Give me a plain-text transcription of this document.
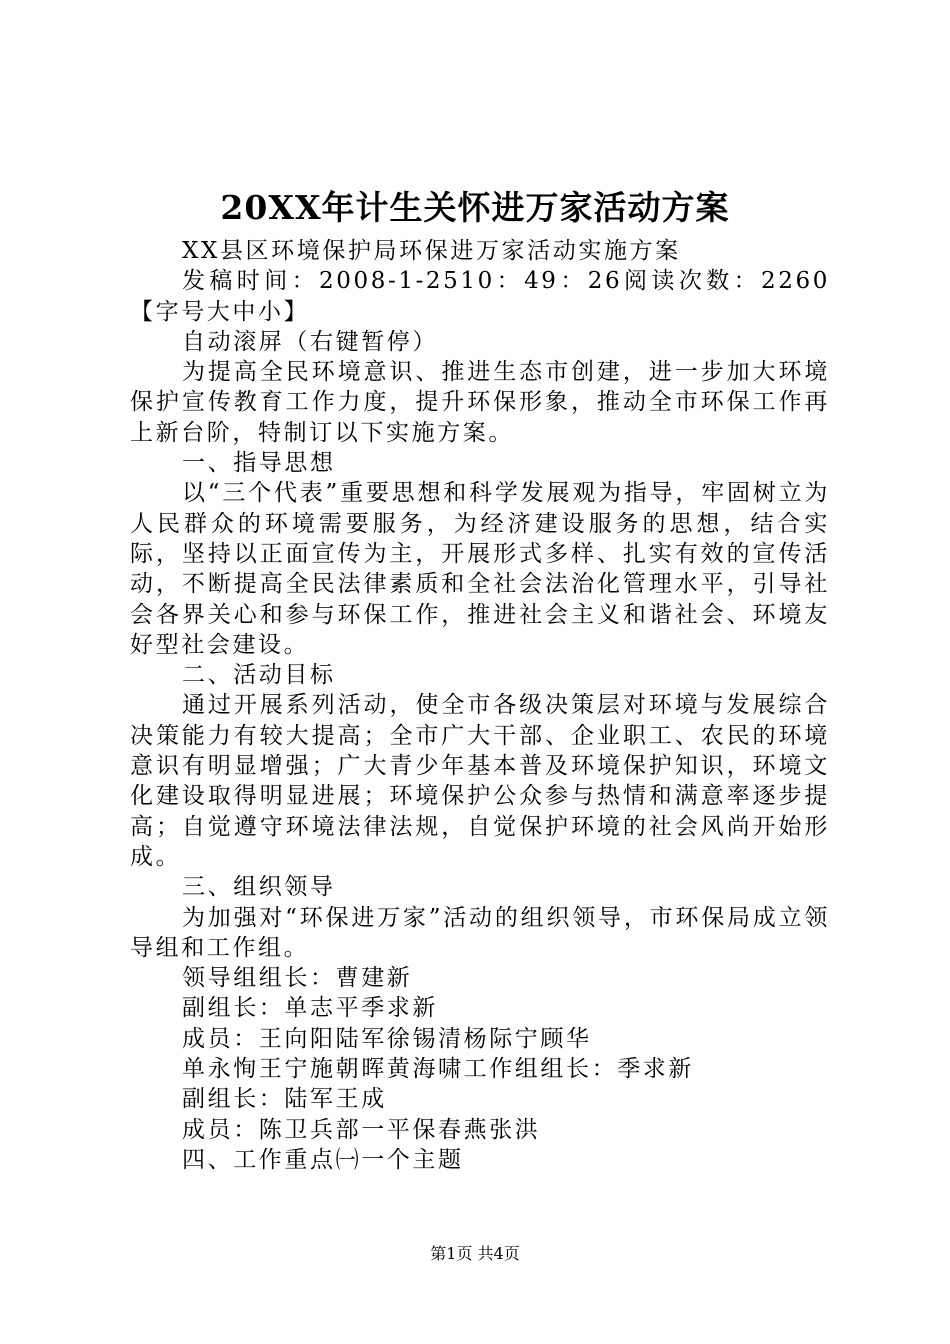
20XX年计生关怀进万家活动方案

XX县区环境保护局环保进万家活动实施方案

发稿时间：2008-1-2510：49：26阅读次数：2260【字号大中小】

自动滚屏（右键暂停）

为提高全民环境意识、推进生态市创建，进一步加大环境保护宣传教育工作力度，提升环保形象，推动全市环保工作再上新台阶，特制订以下实施方案。

一、指导思想

以“三个代表”重要思想和科学发展观为指导，牢固树立为人民群众的环境需要服务，为经济建设服务的思想，结合实际，坚持以正面宣传为主，开展形式多样、扎实有效的宣传活动，不断提高全民法律素质和全社会法治化管理水平，引导社会各界关心和参与环保工作，推进社会主义和谐社会、环境友好型社会建设。

二、活动目标

通过开展系列活动，使全市各级决策层对环境与发展综合决策能力有较大提高；全市广大干部、企业职工、农民的环境意识有明显增强；广大青少年基本普及环境保护知识，环境文化建设取得明显进展；环境保护公众参与热情和满意率逐步提高；自觉遵守环境法律法规，自觉保护环境的社会风尚开始形成。

三、组织领导

为加强对“环保进万家”活动的组织领导，市环保局成立领导组和工作组。

领导组组长：曹建新

副组长：单志平季求新

成员：王向阳陆军徐锡清杨际宁顾华

单永恂王宁施朝晖黄海啸工作组组长：季求新

副组长：陆军王成

成员：陈卫兵部一平保春燕张洪

四、工作重点㈠一个主题

第1页 共4页
